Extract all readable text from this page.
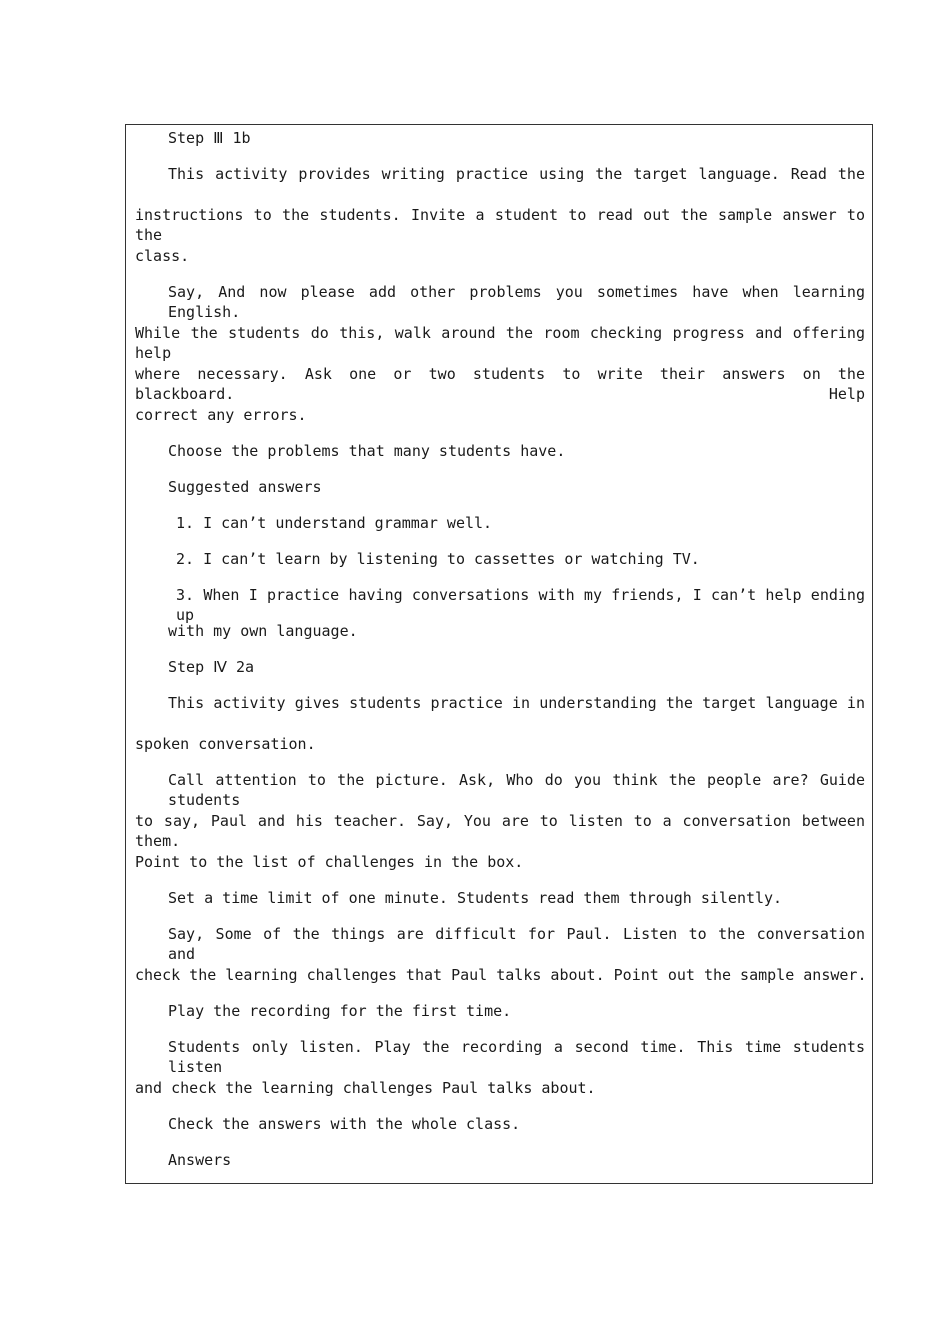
Step Ⅲ 1b
This activity provides writing practice using the target language. Read the
instructions to the students. Invite a student to read out the sample answer to the
class.
Say, And now please add other problems you sometimes have when learning English.
While the students do this, walk around the room checking progress and offering help
where necessary. Ask one or two students to write their answers on the blackboard. Help
correct any errors.
Choose the problems that many students have.
Suggested answers
1. I can’t understand grammar well.
2. I can’t learn by listening to cassettes or watching TV.
3. When I practice having conversations with my friends, I can’t help ending up
with my own language.
Step Ⅳ 2a
This activity gives students practice in understanding the target language in
spoken conversation.
Call attention to the picture. Ask, Who do you think the people are? Guide students
to say, Paul and his teacher. Say, You are to listen to a conversation between them.
Point to the list of challenges in the box.
Set a time limit of one minute. Students read them through silently.
Say, Some of the things are difficult for Paul. Listen to the conversation and
check the learning challenges that Paul talks about. Point out the sample answer.
Play the recording for the first time.
Students only listen. Play the recording a second time. This time students listen
and check the learning challenges Paul talks about.
Check the answers with the whole class.
Answers
